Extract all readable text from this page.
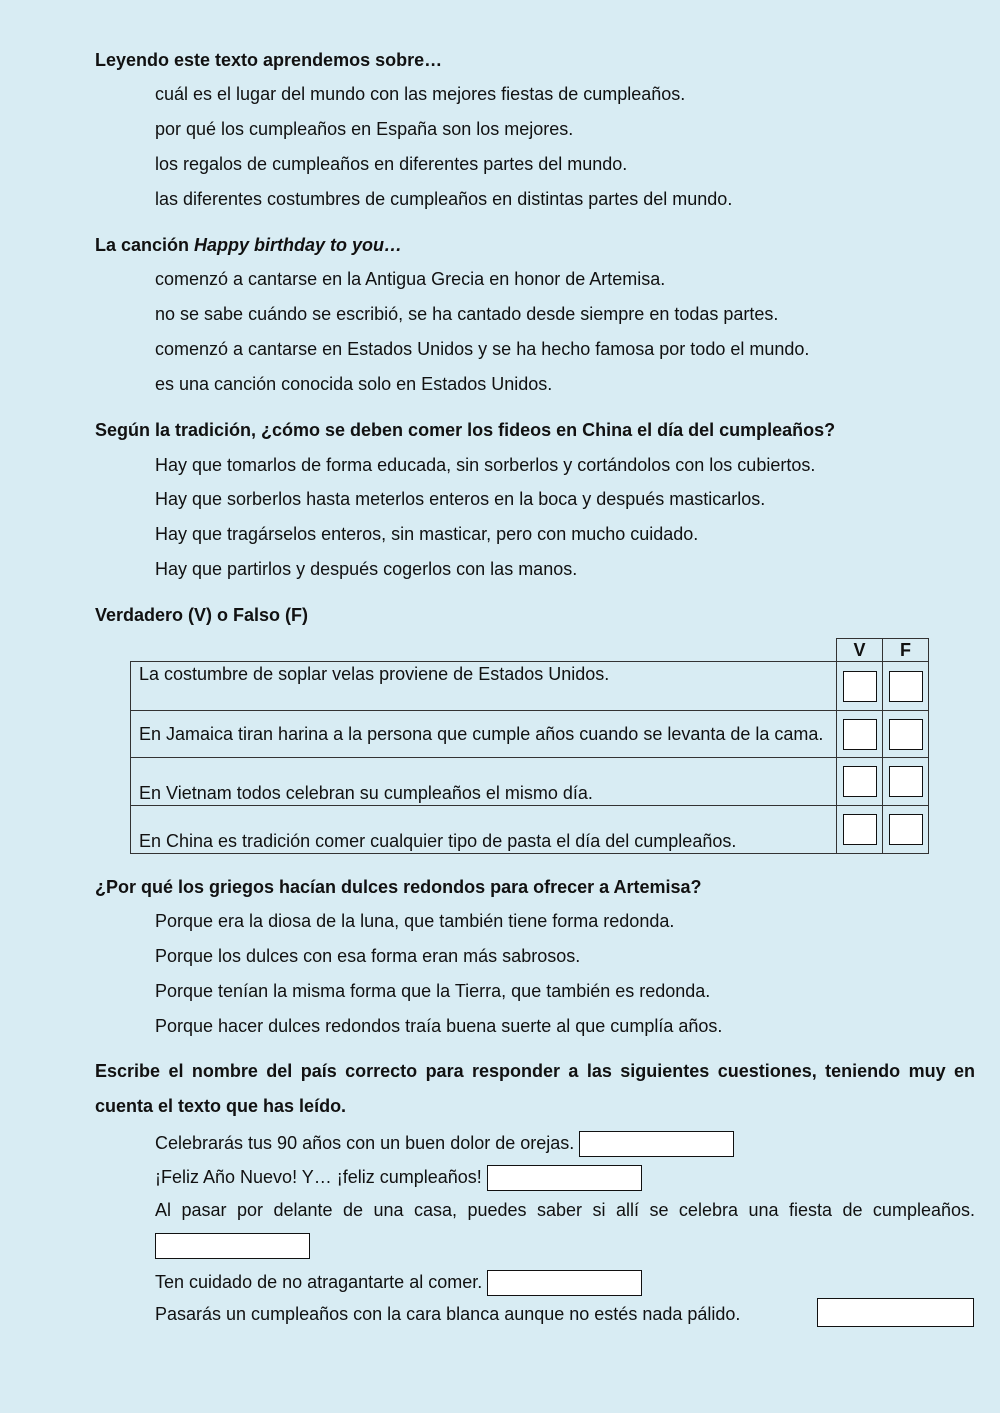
Leyendo este texto aprendemos sobre…
cuál es el lugar del mundo con las mejores fiestas de cumpleaños.
por qué los cumpleaños en España son los mejores.
los regalos de cumpleaños en diferentes partes del mundo.
las diferentes costumbres de cumpleaños en distintas partes del mundo.
La canción Happy birthday to you…
comenzó a cantarse en la Antigua Grecia en honor de Artemisa.
no se sabe cuándo se escribió, se ha cantado desde siempre en todas partes.
comenzó a cantarse en Estados Unidos y se ha hecho famosa por todo el mundo.
es una canción conocida solo en Estados Unidos.
Según la tradición, ¿cómo se deben comer los fideos en China el día del cumpleaños?
Hay que tomarlos de forma educada, sin sorberlos y cortándolos con los cubiertos.
Hay que sorberlos hasta meterlos enteros en la boca y después masticarlos.
Hay que tragárselos enteros, sin masticar, pero con mucho cuidado.
Hay que partirlos y después cogerlos con las manos.
Verdadero (V) o Falso (F)
	V	F
La costumbre de soplar velas proviene de Estados Unidos.		
En Jamaica tiran harina a la persona que cumple años cuando se levanta de la cama.		
En Vietnam todos celebran su cumpleaños el mismo día.		
En China es tradición comer cualquier tipo de pasta el día del cumpleaños.		
¿Por qué los griegos hacían dulces redondos para ofrecer a Artemisa?
Porque era la diosa de la luna, que también tiene forma redonda.
Porque los dulces con esa forma eran más sabrosos.
Porque tenían la misma forma que la Tierra, que también es redonda.
Porque hacer dulces redondos traía buena suerte al que cumplía años.
Escribe el nombre del país correcto para responder a las siguientes cuestiones, teniendo muy en cuenta el texto que has leído.
Celebrarás tus 90 años con un buen dolor de orejas.
¡Feliz Año Nuevo! Y… ¡feliz cumpleaños!
Al pasar por delante de una casa, puedes saber si allí se celebra una fiesta de cumpleaños.
Ten cuidado de no atragantarte al comer.
Pasarás un cumpleaños con la cara blanca aunque no estés nada pálido.
